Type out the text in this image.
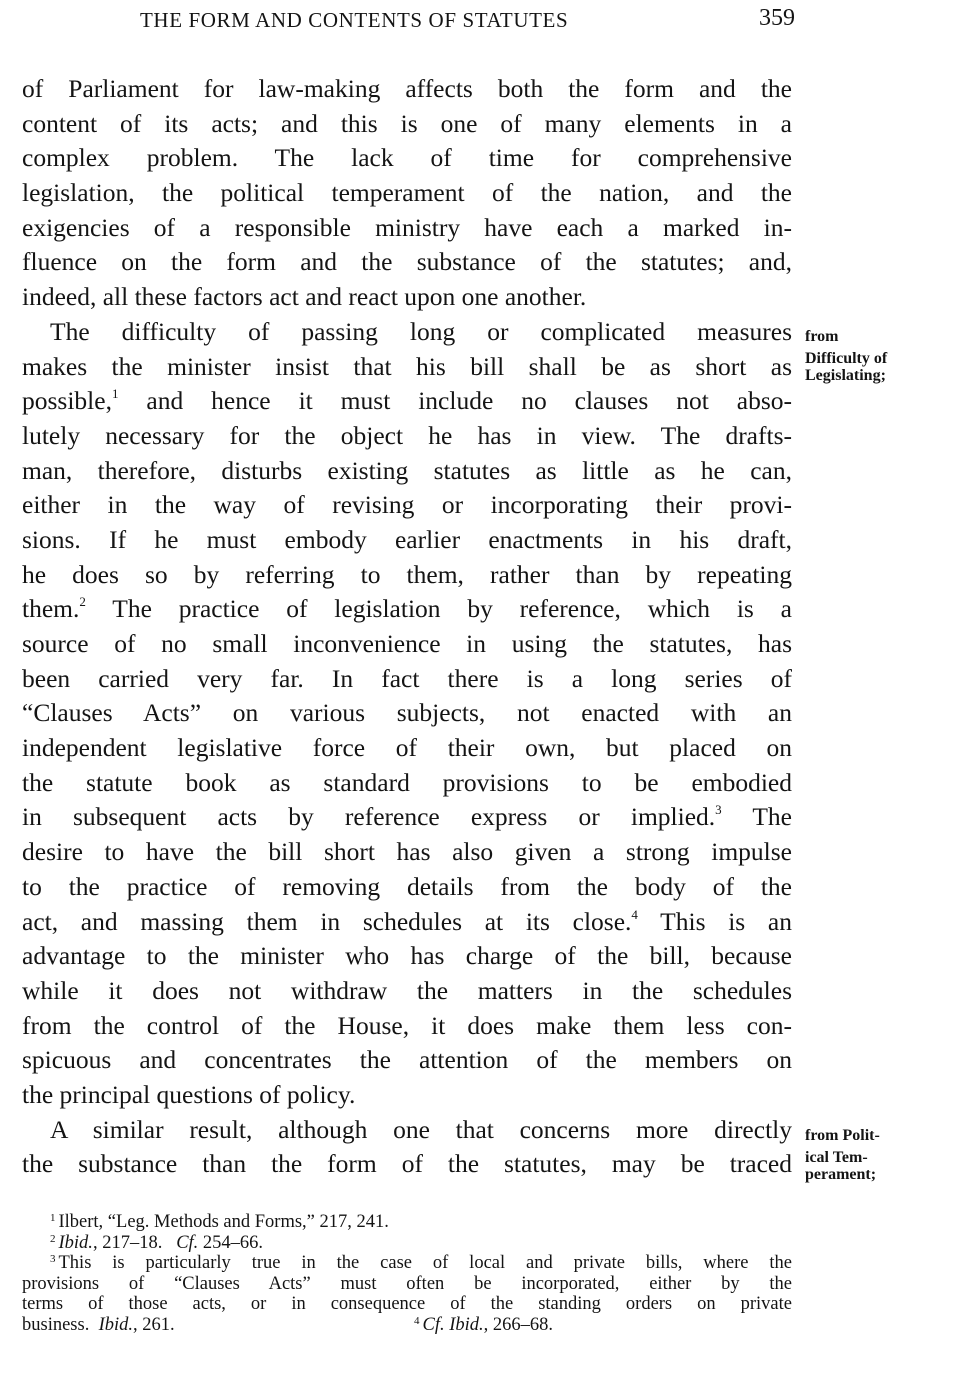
THE FORM AND CONTENTS OF STATUTES	359
of Parliament for law-making affects both the form and the
content of its acts; and this is one of many elements in a
complex problem. The lack of time for comprehensive
legislation, the political temperament of the nation, and the
exigencies of a responsible ministry have each a marked in-
fluence on the form and the substance of the statutes; and,
indeed, all these factors act and react upon one another.
The difficulty of passing long or complicated measures
makes the minister insist that his bill shall be as short as
possible,$^1$ and hence it must include no clauses not abso-
lutely necessary for the object he has in view. The drafts-
man, therefore, disturbs existing statutes as little as he can,
either in the way of revising or incorporating their provi-
sions. If he must embody earlier enactments in his draft,
he does so by referring to them, rather than by repeating
them.$^2$ The practice of legislation by reference, which is a
source of no small inconvenience in using the statutes, has
been carried very far. In fact there is a long series of
“Clauses Acts” on various subjects, not enacted with an
independent legislative force of their own, but placed on
the statute book as standard provisions to be embodied
in subsequent acts by reference express or implied.$^3$ The
desire to have the bill short has also given a strong impulse
to the practice of removing details from the body of the
act, and massing them in schedules at its close.$^4$ This is an
advantage to the minister who has charge of the bill, because
while it does not withdraw the matters in the schedules
from the control of the House, it does make them less con-
spicuous and concentrates the attention of the members on
the principal questions of policy.
A similar result, although one that concerns more directly
the substance than the form of the statutes, may be traced
from
Difficulty of
Legislating;
from Polit-
ical Tem-
perament;
$^1$ Ilbert, “Leg. Methods and Forms,” 217, 241.
$^2$ Ibid., 217–18. Cf. 254–66.
$^3$ This is particularly true in the case of local and private bills, where the
provisions of “Clauses Acts” must often be incorporated, either by the
terms of those acts, or in consequence of the standing orders on private
business. Ibid., 261.	$^4$ Cf. Ibid., 266–68.
